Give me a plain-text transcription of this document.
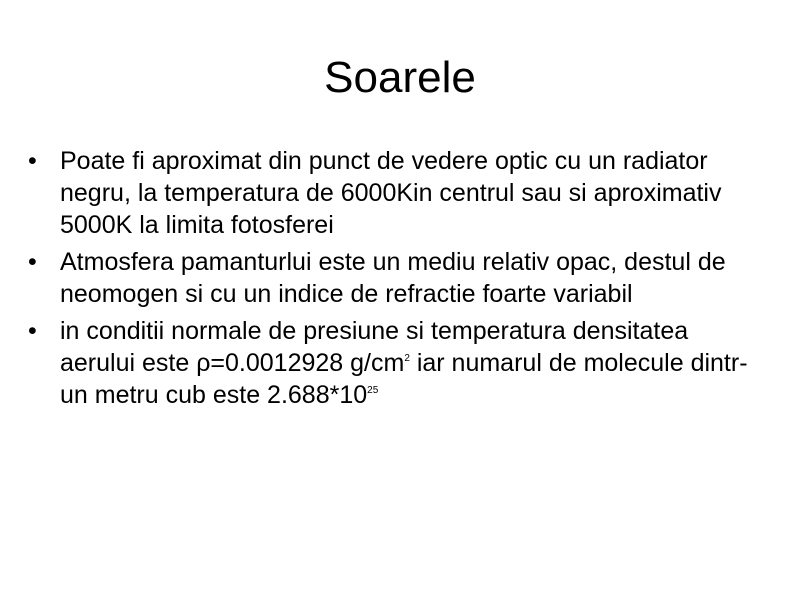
Soarele
• Poate fi aproximat din punct de vedere optic cu un radiator negru, la temperatura de 6000Kin centrul sau si aproximativ 5000K la limita fotosferei
• Atmosfera pamanturlui este un mediu relativ opac, destul de neomogen si cu un indice de refractie foarte variabil
• in conditii normale de presiune si temperatura densitatea aerului este ρ=0.0012928 $g/cm^2$ iar numarul de molecule dintr-un metru cub este $2.688*10^{25}$
